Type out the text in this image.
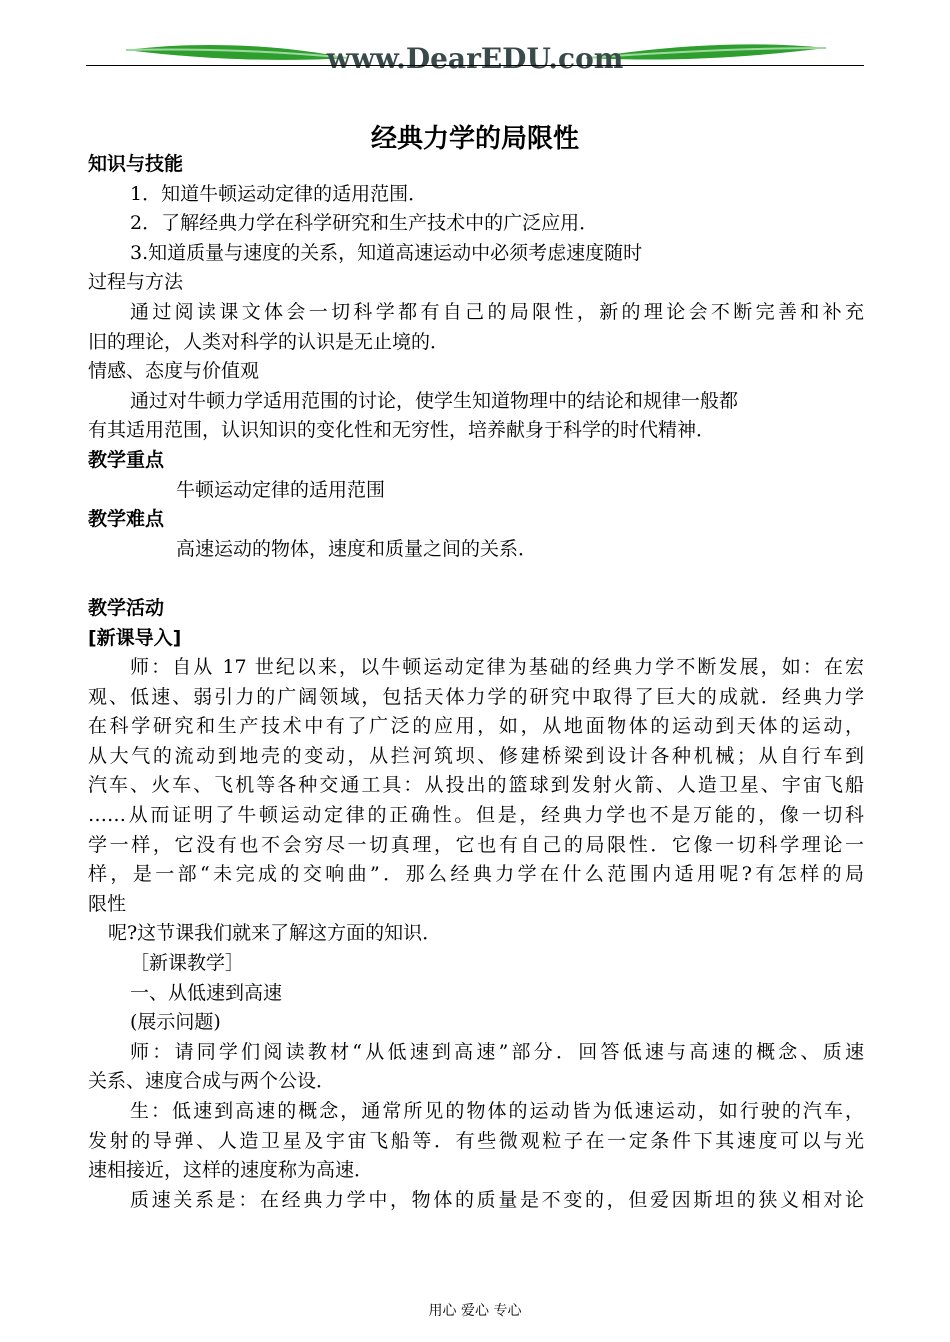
www.DearEDU.com
经典力学的局限性
知识与技能
1．知道牛顿运动定律的适用范围．
2．了解经典力学在科学研究和生产技术中的广泛应用．
3.知道质量与速度的关系，知道高速运动中必须考虑速度随时
过程与方法
通过阅读课文体会一切科学都有自己的局限性，新的理论会不断完善和补充
旧的理论，人类对科学的认识是无止境的．
情感、态度与价值观
通过对牛顿力学适用范围的讨论，使学生知道物理中的结论和规律一般都
有其适用范围，认识知识的变化性和无穷性，培养献身于科学的时代精神．
教学重点
牛顿运动定律的适用范围
教学难点
高速运动的物体，速度和质量之间的关系．
教学活动
[新课导入]
师：自从 17 世纪以来，以牛顿运动定律为基础的经典力学不断发展，如：在宏
观、低速、弱引力的广阔领域，包括天体力学的研究中取得了巨大的成就．经典力学
在科学研究和生产技术中有了广泛的应用，如，从地面物体的运动到天体的运动，
从大气的流动到地壳的变动，从拦河筑坝、修建桥梁到设计各种机械；从自行车到
汽车、火车、飞机等各种交通工具：从投出的篮球到发射火箭、人造卫星、宇宙飞船
……从而证明了牛顿运动定律的正确性。但是，经典力学也不是万能的，像一切科
学一样，它没有也不会穷尽一切真理，它也有自己的局限性．它像一切科学理论一
样，是一部“未完成的交响曲”．那么经典力学在什么范围内适用呢?有怎样的局
限性
呢?这节课我们就来了解这方面的知识．
［新课教学］
一、从低速到高速
(展示问题)
师：请同学们阅读教材“从低速到高速”部分．回答低速与高速的概念、质速
关系、速度合成与两个公设．
生：低速到高速的概念，通常所见的物体的运动皆为低速运动，如行驶的汽车，
发射的导弹、人造卫星及宇宙飞船等．有些微观粒子在一定条件下其速度可以与光
速相接近，这样的速度称为高速．
质速关系是：在经典力学中，物体的质量是不变的，但爱因斯坦的狭义相对论
用心 爱心 专心
